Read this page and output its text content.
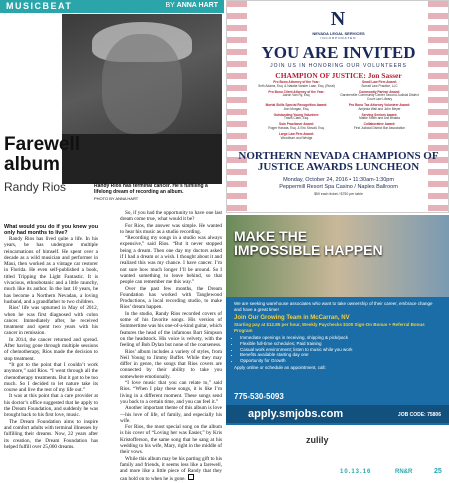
MUSICBEAT	BY ANNA HART
Randy Rios has terminal cancer. He’s fulfilling a lifelong dream of recording an album.
PHOTO BY ANNA HART
Farewell album
Randy Rios

What would you do if you knew you only had months to live?

Randy Rios has lived quite a life. In his years, he has undergone multiple reincarnations of himself. He spent over a decade as a wild musician and performer in Maui, then worked as a vintage car restorer in Florida. He even self-published a book, titled Tripping the Light Fantastic. It is vivacious, ethnobotanic and a little raunchy, much like its author. In the last 10 years, he has become a Northern Nevadan, a loving husband, and a grandfather to two children.

Rios’ life was upturned in May of 2012, when he was first diagnosed with colon cancer. Immediately after, he received treatment and spent two years with his cancer in remission.

In 2014, the cancer returned and spread. After having gone through multiple sessions of chemotherapy, Rios made the decision to stop treatment.

“It got to the point that I couldn’t work anymore,” said Rios. “I went through all the chemotherapy treatments. But it got to be too much. So I decided to let nature take its course and live the rest of my life out.”

It was at this point that a care provider at his doctor’s office suggested that he apply to the Dream Foundation, and suddenly he was brought back to his first love, music.

The Dream Foundation aims to inspire and comfort adults with terminal illnesses by fulfilling their dreams. Now, 22 years after its creation, the Dream Foundation has helped fulfill over 25,000 dreams.

So, if you had the opportunity to have one last dream come true, what would it be?

For Rios, the answer was simple. He wanted to hear his music as a studio recording.

“Recording my songs in a studio was always expensive,” said Rios. “But it never stopped being a dream. Then one day my doctors asked if I had a dream or a wish. I thought about it and realized this was my chance. I have cancer. I’m not sure how much longer I’ll be around. So I wanted something to leave behind, so that people can remember me this way.”

Over the past few months, the Dream Foundation has worked with Tanglewood Productions, a local recording studio, to make Rios’ dream happen.

In the studio, Randy Rios recorded covers of some of his favorite songs. His version of Summertime was his one-of-a-kind guitar, which features the head of the infamous Bart Simpson on the headstock. His voice is velvety, with the feeling of Bob Dylan but none of the coarseness.

Rios’ album includes a variety of styles, from Neil Young to Jimmy Buffet. While they may differ in genre, the songs that Rios covers are connected by their ability to take you somewhere emotionally.

“I love music that you can relate to,” said Rios. “When I play these songs, it is like I’m living in a different moment. These songs send you back to a certain time, and you can feel it.”

Another important theme of this album is love—his love of life, of family, and especially his wife.

For Rios, the most special song on the album is his cover of “Loving her was Easier,” by Kris Kristofferson, the same song that he sang at his wedding to his wife, Mary, right in the middle of their vows.

While this album may be his parting gift to his family and friends, it seems less like a farewell, and more like a little piece of Randy that they can hold on to when he is gone.

N
NEVADA LEGAL SERVICES
INCORPORATED
YOU ARE INVITED
JOIN US IN HONORING OUR VOLUNTEERS
CHAMPION OF JUSTICE: Jon Sasser
Pro Bono Attorney of the Year:
Seth Adams, Esq. & Natalia Vander Laan, Esq. (Rural)
Small Law Firm Award:
Surratt Law Practice, LLC
Pro Bono Client Attorney of the Year:
Aaron Van Ry, Esq.
Community Partner Award:
Gardnerville Community Center Second Judicial District Court Law Library
Mortal Skills Special Recognition Award:
Ann Morgan, Esq.
Pro Bono Tax Attorney Volunteer Award:
Amjinda Wall and John Meyer
Outstanding Young Volunteer:
Travis Clark, Esq.
Serving Seniors Award:
Mattie Smith and Anil Bhakta
Solo Practioner Award:
Roger Harada, Esq. & Eric Stovall, Esq.
Collaborative Award:
First Judicial District Bar Association
Large Law Firm Award:
Woodburn and Wedge
NORTHERN NEVADA CHAMPIONS OF JUSTICE AWARDS LUNCHEON
Monday, October 24, 2016 • 11:30am-1:30pm
Peppermill Resort Spa Casino / Naples Ballroom
$50 each ticket / $750 per table
MAKE THE
IMPOSSIBLE HAPPEN
We are seeking warehouse associates who want to take ownership of their career, embrace change and have a great time!
Join Our Growing Team in McCarran, NV
Starting pay at $12.85 per hour, Weekly Paychecks $100 Sign-On Bonus + Referral Bonus Program
• Immediate openings in receiving, shipping & pick/pack
• Flexible full-time schedules; Paid training
• Casual work environment; listen to music while you work
• Benefits available starting day one
• Opportunity for Growth
Apply online or schedule an appointment, call:
775-530-5093
apply.smjobs.com	JOB CODE: 75806
zulily
10.13.16	RN&R	25
